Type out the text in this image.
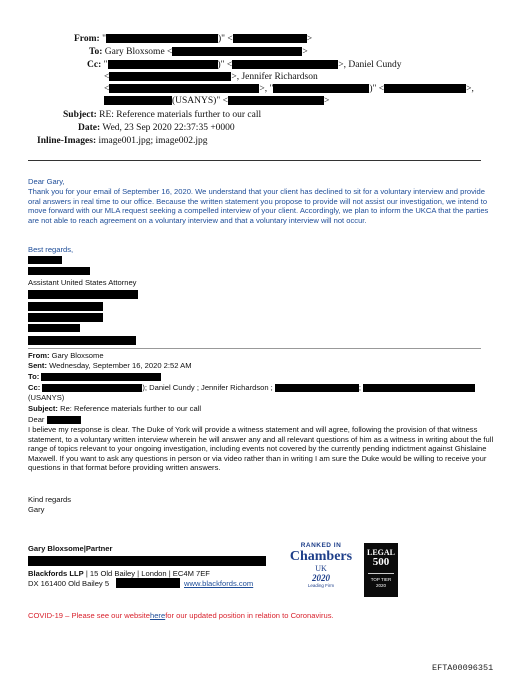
From: "	)" <	>
To: Gary Bloxsome <	>
Cc: "	)" <	>, Daniel Cundy
<	>, Jennifer Richardson
<	>, "	)" <	>,
(USANYS)" <	>
Subject: RE: Reference materials further to our call
Date: Wed, 23 Sep 2020 22:37:35 +0000
Inline-Images: image001.jpg; image002.jpg
Dear Gary,
Thank you for your email of September 16, 2020. We understand that your client has declined to sit for a voluntary interview and provide oral answers in real time to our office. Because the written statement you propose to provide will not assist our investigation, we intend to move forward with our MLA request seeking a compelled interview of your client. Accordingly, we plan to inform the UKCA that the parties are not able to reach agreement on a voluntary interview and that a voluntary interview will not occur.
Best regards,
Assistant United States Attorney
From: Gary Bloxsome
Sent: Wednesday, September 16, 2020 2:52 AM
To:
Cc:	); Daniel Cundy ; Jennifer Richardson ;	;
(USANYS)
Subject: Re: Reference materials further to our call
Dear
I believe my response is clear. The Duke of York will provide a witness statement and will agree, following the provision of that witness statement, to a voluntary written interview wherein he will answer any and all relevant questions of him as a witness in writing about the full range of topics relevant to your ongoing investigation, including events not covered by the currently pending indictment against Ghislaine Maxwell. If you want to ask any questions in person or via video rather than in writing I am sure the Duke would be willing to receive your questions in that format before providing written answers.
Kind regards
Gary
Gary Bloxsome|Partner
Blackfords LLP | 15 Old Bailey | London | EC4M 7EF
DX 161400 Old Bailey 5	www.blackfords.com
RANKED IN
Chambers
UK
2020
Leading Firm
LEGAL
500
TOP TIER
2020
COVID-19 – Please see our websiteherefor our updated position in relation to Coronavirus.
EFTA00096351
